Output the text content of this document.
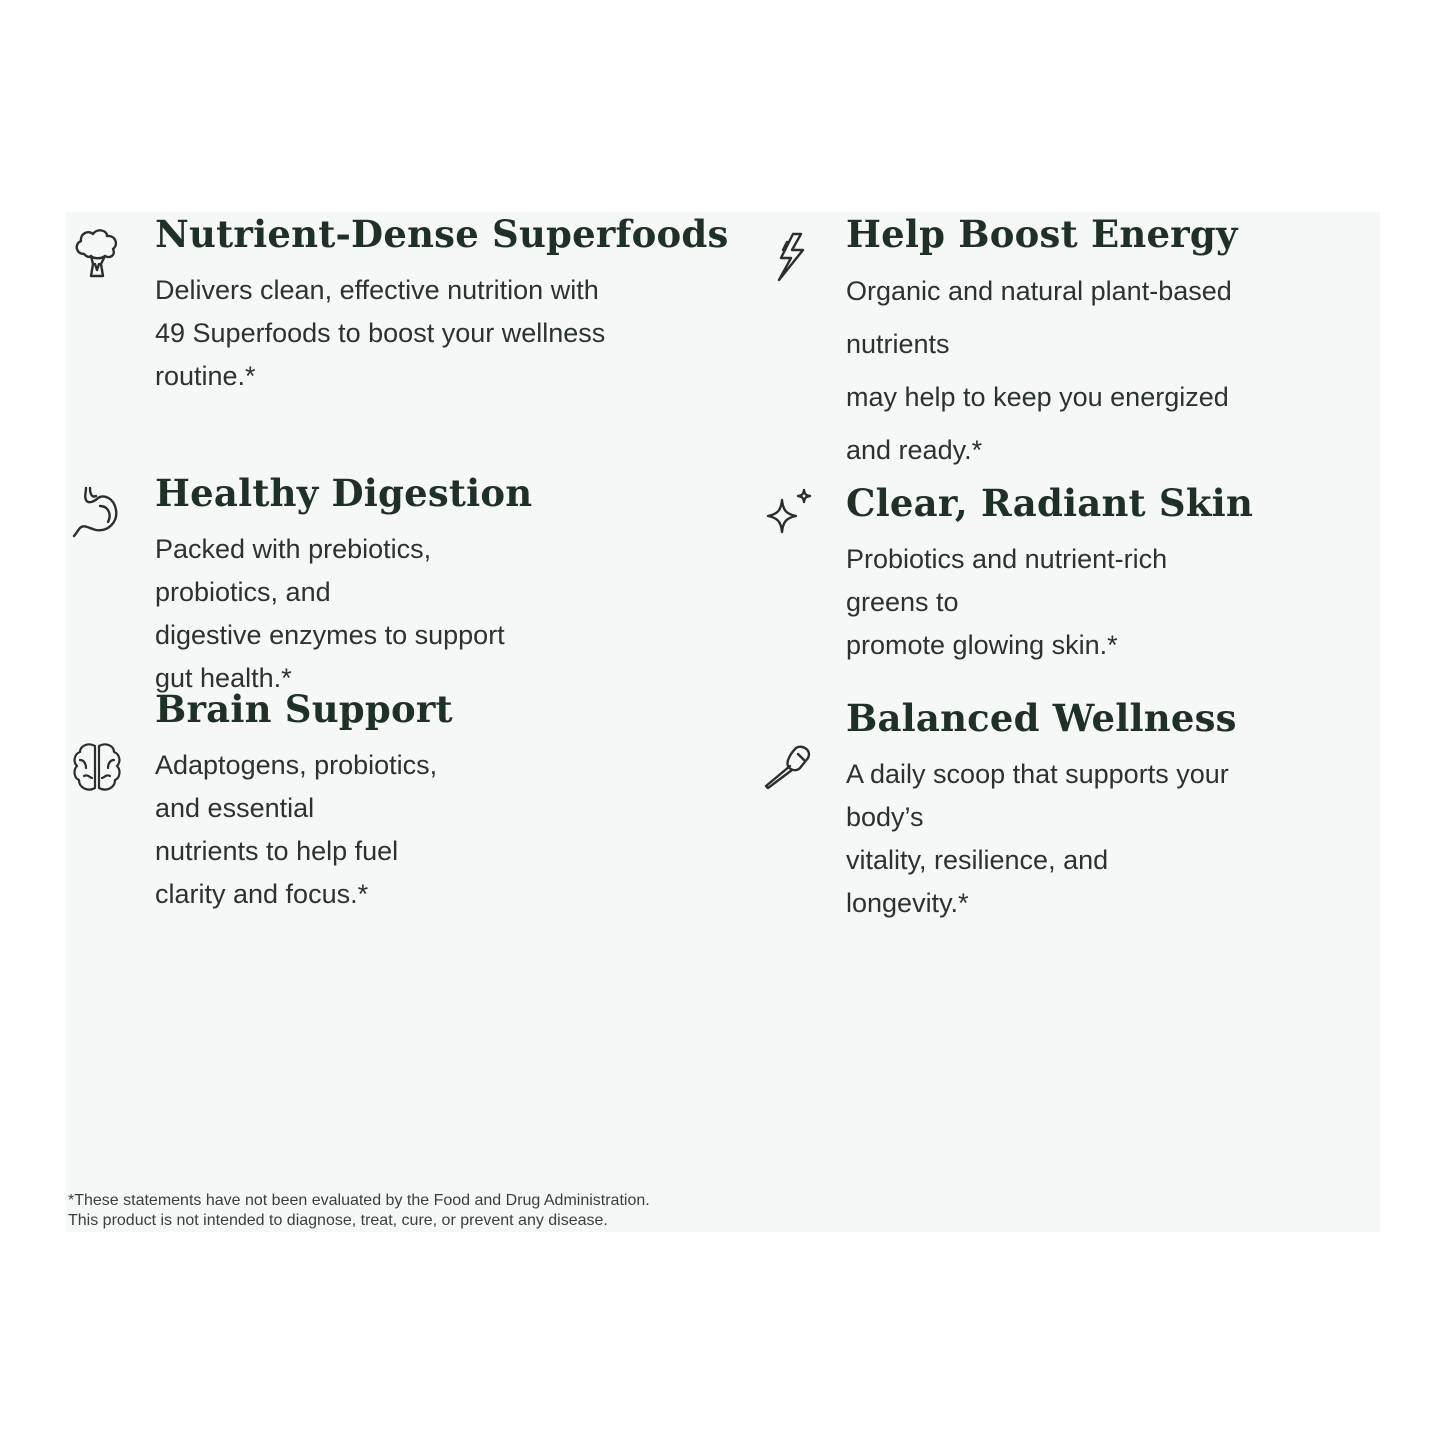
Nutrient-Dense Superfoods

Delivers clean, effective nutrition with
49 Superfoods to boost your wellness
routine.*

Help Boost Energy

Organic and natural plant-based nutrients
may help to keep you energized and ready.*

Healthy Digestion

Packed with prebiotics, probiotics, and
digestive enzymes to support gut health.*

Clear, Radiant Skin

Probiotics and nutrient-rich greens to
promote glowing skin.*

Brain Support

Adaptogens, probiotics, and essential
nutrients to help fuel clarity and focus.*

Balanced Wellness

A daily scoop that supports your body’s
vitality, resilience, and longevity.*

*These statements have not been evaluated by the Food and Drug Administration.
This product is not intended to diagnose, treat, cure, or prevent any disease.
